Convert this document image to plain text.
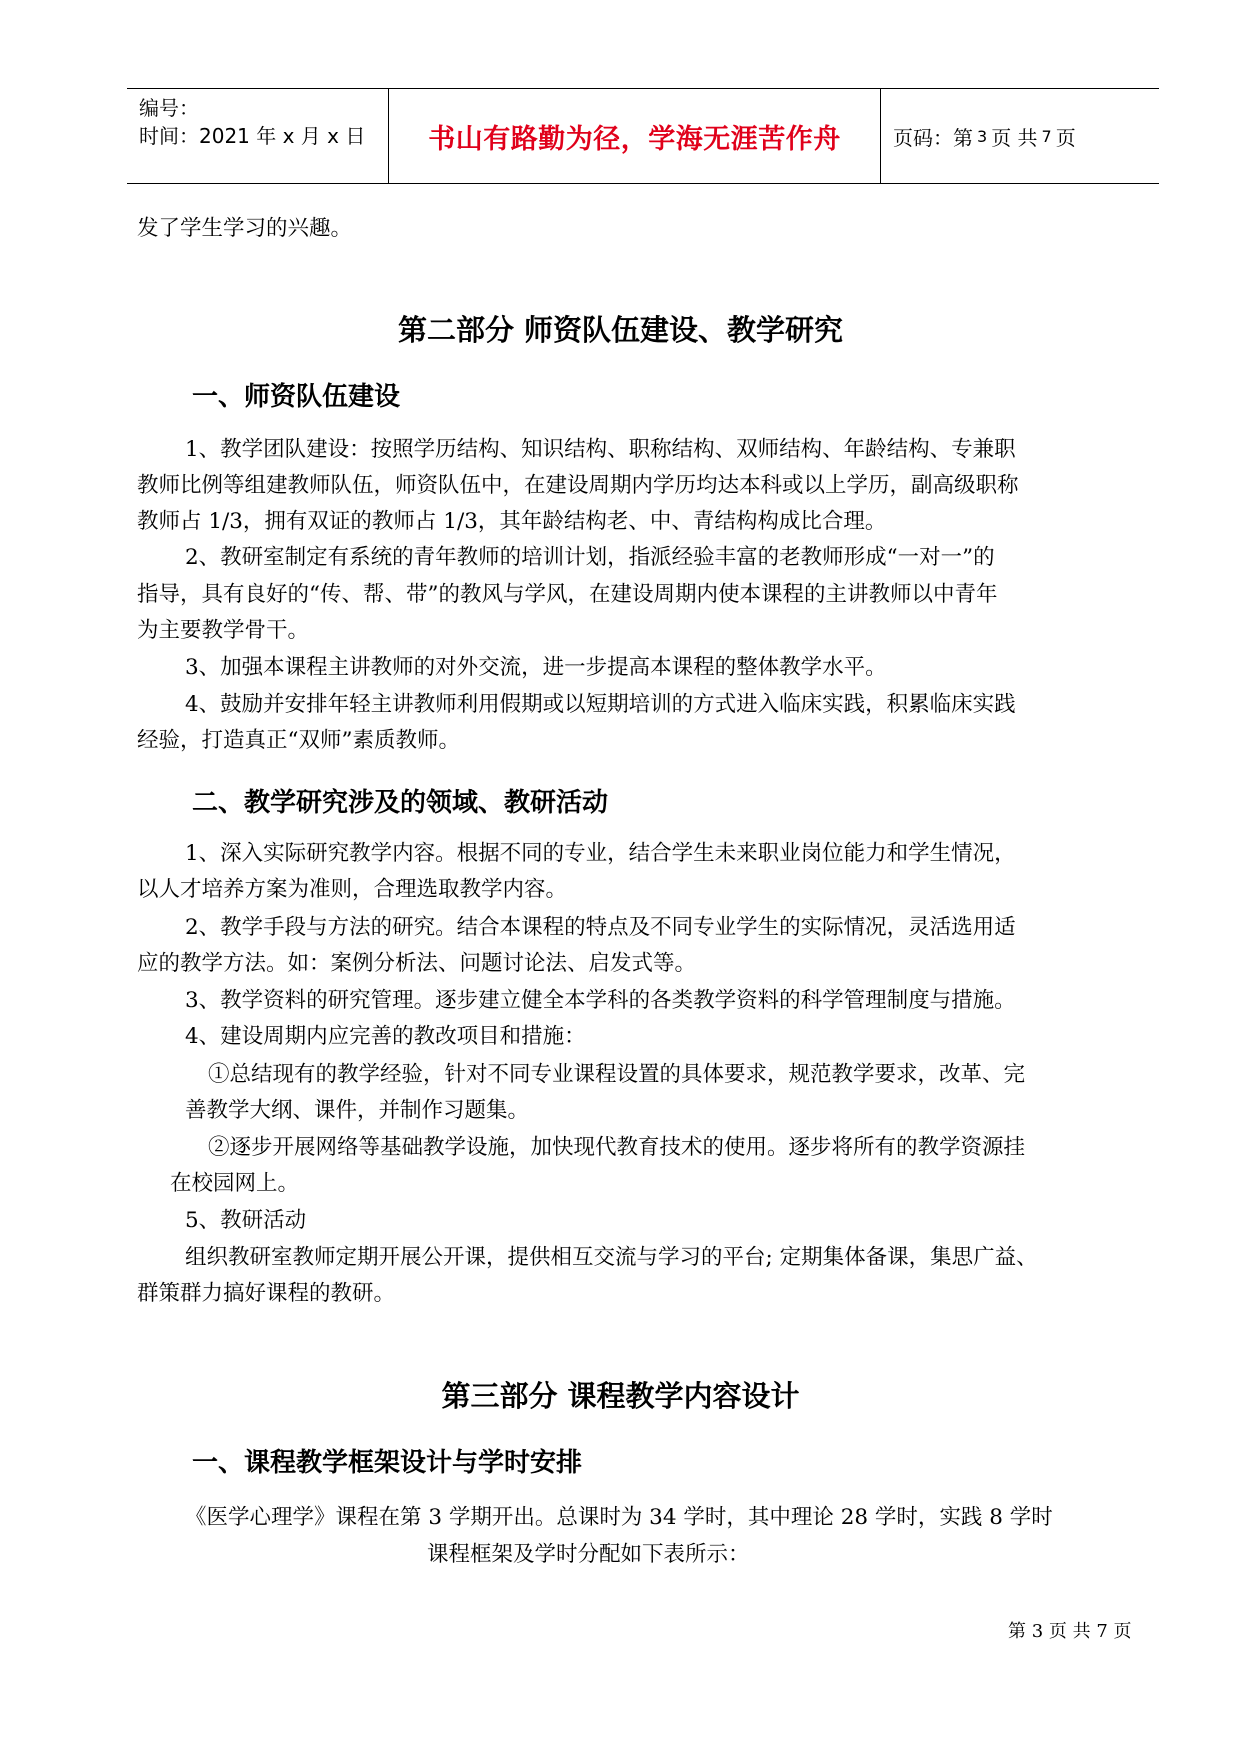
编号：
时间：2021 年 x 月 x 日	书山有路勤为径，学海无涯苦作舟	页码：第 3 页 共 7 页
发了学生学习的兴趣。
第二部分 师资队伍建设、教学研究
一、师资队伍建设
1、教学团队建设：按照学历结构、知识结构、职称结构、双师结构、年龄结构、专兼职
教师比例等组建教师队伍，师资队伍中，在建设周期内学历均达本科或以上学历，副高级职称
教师占 1/3，拥有双证的教师占 1/3，其年龄结构老、中、青结构构成比合理。
2、教研室制定有系统的青年教师的培训计划，指派经验丰富的老教师形成“一对一”的
指导，具有良好的“传、帮、带”的教风与学风，在建设周期内使本课程的主讲教师以中青年
为主要教学骨干。
3、加强本课程主讲教师的对外交流，进一步提高本课程的整体教学水平。
4、鼓励并安排年轻主讲教师利用假期或以短期培训的方式进入临床实践，积累临床实践
经验，打造真正“双师”素质教师。
二、教学研究涉及的领域、教研活动
1、深入实际研究教学内容。根据不同的专业，结合学生未来职业岗位能力和学生情况，
以人才培养方案为准则，合理选取教学内容。
2、教学手段与方法的研究。结合本课程的特点及不同专业学生的实际情况，灵活选用适
应的教学方法。如：案例分析法、问题讨论法、启发式等。
3、教学资料的研究管理。逐步建立健全本学科的各类教学资料的科学管理制度与措施。
4、建设周期内应完善的教改项目和措施：
①总结现有的教学经验，针对不同专业课程设置的具体要求，规范教学要求，改革、完
善教学大纲、课件，并制作习题集。
②逐步开展网络等基础教学设施，加快现代教育技术的使用。逐步将所有的教学资源挂
在校园网上。
5、教研活动
组织教研室教师定期开展公开课，提供相互交流与学习的平台; 定期集体备课，集思广益、
群策群力搞好课程的教研。
第三部分 课程教学内容设计
一、课程教学框架设计与学时安排
《医学心理学》课程在第 3 学期开出。总课时为 34 学时，其中理论 28 学时，实践 8 学时
课程框架及学时分配如下表所示：
第 3 页 共 7 页
